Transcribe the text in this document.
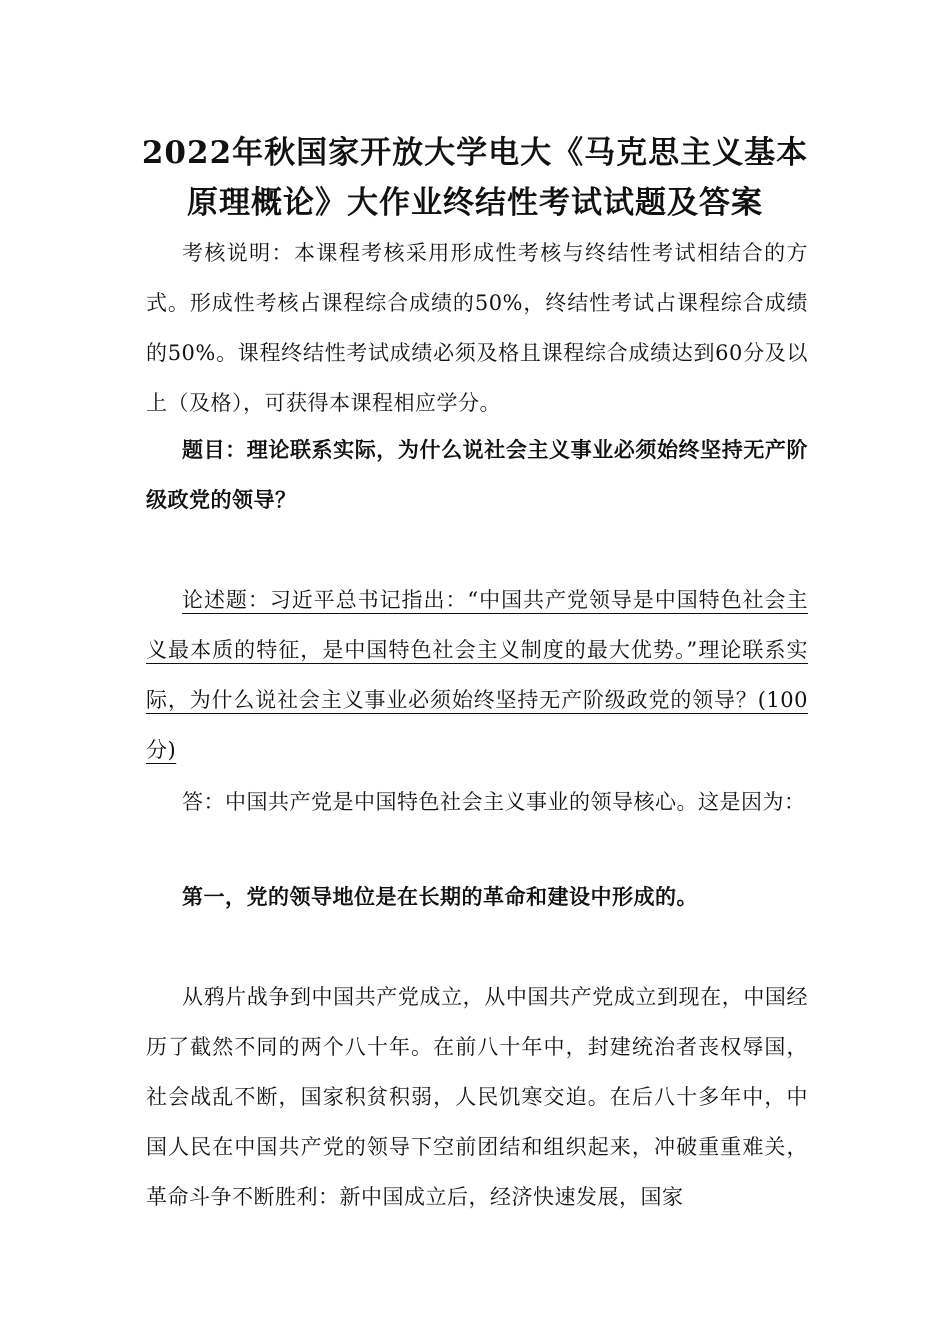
2022年秋国家开放大学电大《马克思主义基本原理概论》大作业终结性考试试题及答案
考核说明：本课程考核采用形成性考核与终结性考试相结合的方式。形成性考核占课程综合成绩的50%，终结性考试占课程综合成绩的50%。课程终结性考试成绩必须及格且课程综合成绩达到60分及以上（及格），可获得本课程相应学分。
题目：理论联系实际，为什么说社会主义事业必须始终坚持无产阶级政党的领导？
论述题：习近平总书记指出：“中国共产党领导是中国特色社会主义最本质的特征，是中国特色社会主义制度的最大优势。”理论联系实际，为什么说社会主义事业必须始终坚持无产阶级政党的领导？(100分)
答：中国共产党是中国特色社会主义事业的领导核心。这是因为：
第一，党的领导地位是在长期的革命和建设中形成的。
从鸦片战争到中国共产党成立，从中国共产党成立到现在，中国经历了截然不同的两个八十年。在前八十年中，封建统治者丧权辱国，社会战乱不断，国家积贫积弱，人民饥寒交迫。在后八十多年中，中国人民在中国共产党的领导下空前团结和组织起来，冲破重重难关，革命斗争不断胜利：新中国成立后，经济快速发展，国家
